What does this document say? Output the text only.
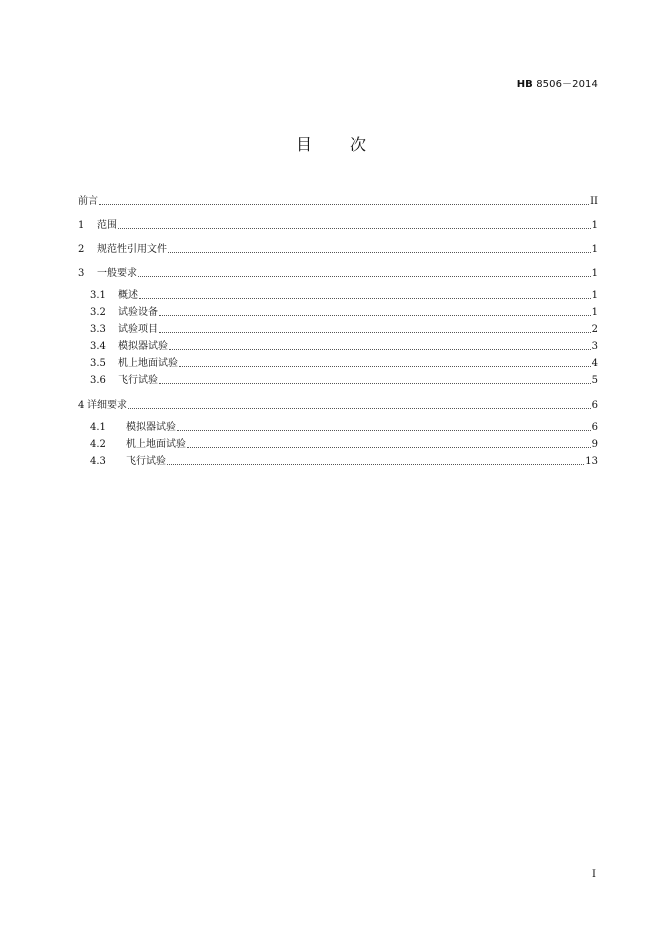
HB 8506－2014
目 次
前言	II
1	范围	1
2	规范性引用文件	1
3	一般要求	1
3.1	概述	1
3.2	试验设备	1
3.3	试验项目	2
3.4	模拟器试验	3
3.5	机上地面试验	4
3.6	飞行试验	5
4 详细要求	6
4.1	模拟器试验	6
4.2	机上地面试验	9
4.3	飞行试验	13
I
